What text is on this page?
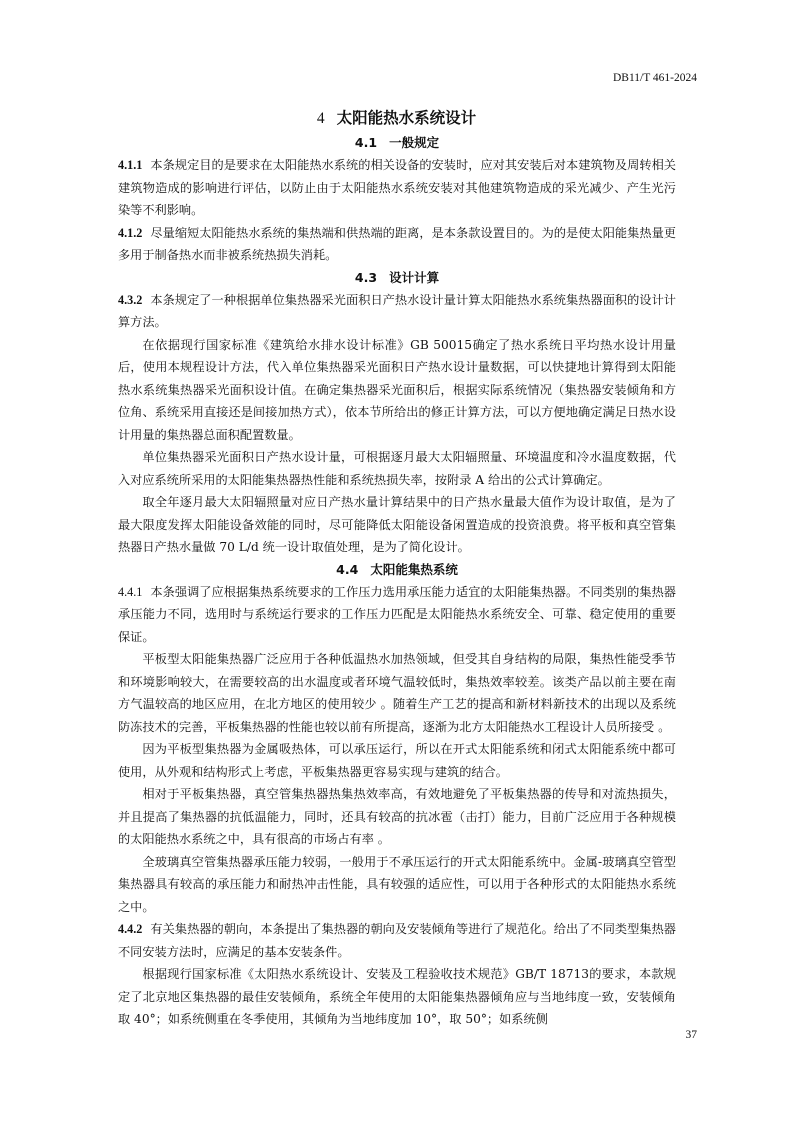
DB11/T 461-2024
4 太阳能热水系统设计
4.1 一般规定

4.1.1 本条规定目的是要求在太阳能热水系统的相关设备的安装时，应对其安装后对本建筑物及周转相关建筑物造成的影响进行评估，以防止由于太阳能热水系统安装对其他建筑物造成的采光减少、产生光污染等不利影响。

4.1.2 尽量缩短太阳能热水系统的集热端和供热端的距离，是本条款设置目的。为的是使太阳能集热量更多用于制备热水而非被系统热损失消耗。

4.3 设计计算

4.3.2 本条规定了一种根据单位集热器采光面积日产热水设计量计算太阳能热水系统集热器面积的设计计算方法。

在依据现行国家标准《建筑给水排水设计标准》GB 50015确定了热水系统日平均热水设计用量后，使用本规程设计方法，代入单位集热器采光面积日产热水设计量数据，可以快捷地计算得到太阳能热水系统集热器采光面积设计值。在确定集热器采光面积后，根据实际系统情况（集热器安装倾角和方位角、系统采用直接还是间接加热方式），依本节所给出的修正计算方法，可以方便地确定满足日热水设计用量的集热器总面积配置数量。

单位集热器采光面积日产热水设计量，可根据逐月最大太阳辐照量、环境温度和冷水温度数据，代入对应系统所采用的太阳能集热器热性能和系统热损失率，按附录 A 给出的公式计算确定。

取全年逐月最大太阳辐照量对应日产热水量计算结果中的日产热水量最大值作为设计取值，是为了最大限度发挥太阳能设备效能的同时，尽可能降低太阳能设备闲置造成的投资浪费。将平板和真空管集热器日产热水量做 70 L/d 统一设计取值处理，是为了简化设计。

4.4 太阳能集热系统

4.4.1 本条强调了应根据集热系统要求的工作压力选用承压能力适宜的太阳能集热器。不同类别的集热器承压能力不同，选用时与系统运行要求的工作压力匹配是太阳能热水系统安全、可靠、稳定使用的重要保证。

平板型太阳能集热器广泛应用于各种低温热水加热领域，但受其自身结构的局限，集热性能受季节和环境影响较大，在需要较高的出水温度或者环境气温较低时，集热效率较差。该类产品以前主要在南方气温较高的地区应用，在北方地区的使用较少 。随着生产工艺的提高和新材料新技术的出现以及系统防冻技术的完善，平板集热器的性能也较以前有所提高，逐渐为北方太阳能热水工程设计人员所接受 。

因为平板型集热器为金属吸热体，可以承压运行，所以在开式太阳能系统和闭式太阳能系统中都可使用，从外观和结构形式上考虑，平板集热器更容易实现与建筑的结合。

相对于平板集热器，真空管集热器热集热效率高，有效地避免了平板集热器的传导和对流热损失，并且提高了集热器的抗低温能力，同时，还具有较高的抗冰雹（击打）能力，目前广泛应用于各种规模的太阳能热水系统之中，具有很高的市场占有率 。

全玻璃真空管集热器承压能力较弱，一般用于不承压运行的开式太阳能系统中。金属-玻璃真空管型集热器具有较高的承压能力和耐热冲击性能，具有较强的适应性，可以用于各种形式的太阳能热水系统之中。

4.4.2 有关集热器的朝向，本条提出了集热器的朝向及安装倾角等进行了规范化。给出了不同类型集热器不同安装方法时，应满足的基本安装条件。

根据现行国家标准《太阳热水系统设计、安装及工程验收技术规范》GB/T 18713的要求，本款规定了北京地区集热器的最佳安装倾角，系统全年使用的太阳能集热器倾角应与当地纬度一致，安装倾角取 40°；如系统侧重在冬季使用，其倾角为当地纬度加 10°，取 50°；如系统侧

37
